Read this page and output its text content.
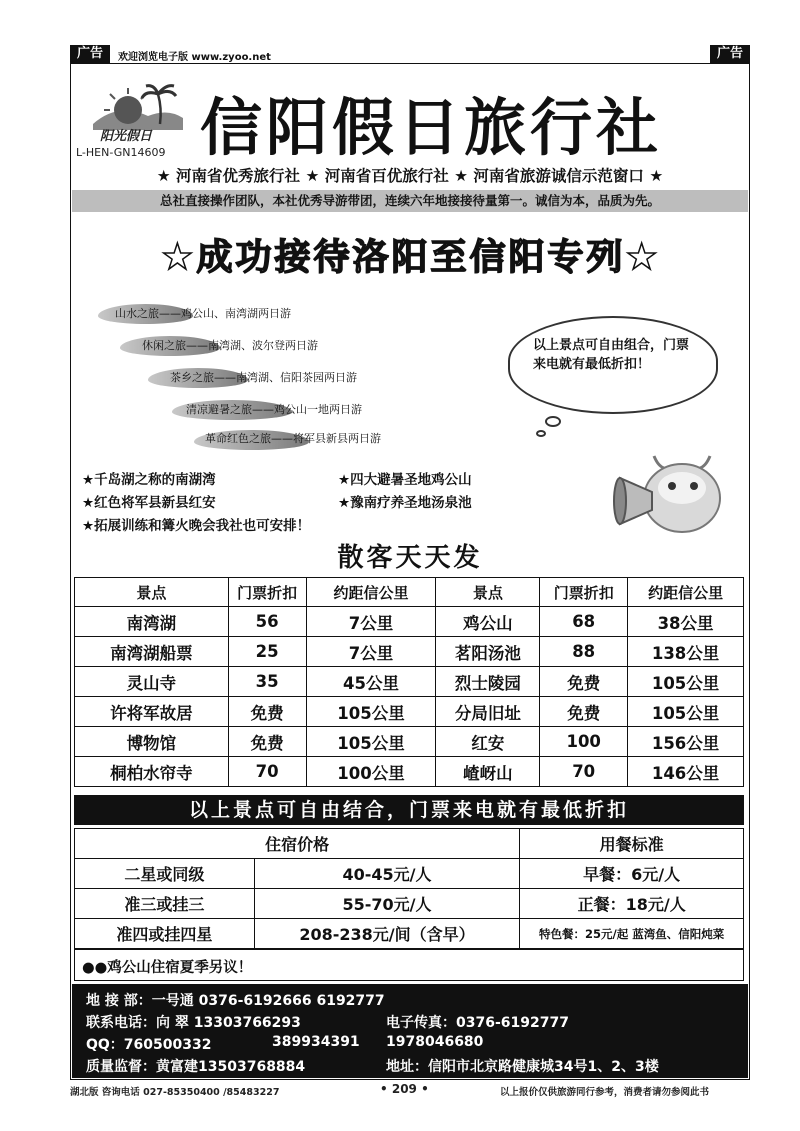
广告	欢迎浏览电子版 www.zyoo.net	广告
阳光假日
L-HEN-GN14609 信阳假日旅行社
★ 河南省优秀旅行社 ★ 河南省百优旅行社 ★ 河南省旅游诚信示范窗口 ★
总社直接操作团队，本社优秀导游带团，连续六年地接接待量第一。诚信为本，品质为先。
★成功接待洛阳至信阳专列★
山水之旅——鸡公山、南湾湖两日游
休闲之旅——南湾湖、波尔登两日游
茶乡之旅——南湾湖、信阳茶园两日游
清凉避暑之旅——鸡公山一地两日游
革命红色之旅——将军县新县两日游
以上景点可自由组合，门票来电就有最低折扣！
★千岛湖之称的南湖湾	★四大避暑圣地鸡公山
★红色将军县新县红安	★豫南疗养圣地汤泉池
★拓展训练和篝火晚会我社也可安排！
散客天天发
景点	门票折扣	约距信公里	景点	门票折扣	约距信公里
南湾湖	56	7公里	鸡公山	68	38公里
南湾湖船票	25	7公里	茗阳汤池	88	138公里
灵山寺	35	45公里	烈士陵园	免费	105公里
许将军故居	免费	105公里	分局旧址	免费	105公里
博物馆	免费	105公里	红安	100	156公里
桐柏水帘寺	70	100公里	嵖岈山	70	146公里
以上景点可自由结合，门票来电就有最低折扣
住宿价格		用餐标准
二星或同级	40-45元/人	早餐：6元/人
准三或挂三	55-70元/人	正餐：18元/人
准四或挂四星	208-238元/间（含早）	特色餐：25元/起 蓝湾鱼、信阳炖菜
●●鸡公山住宿夏季另议！
地 接 部：一号通 0376-6192666 6192777
联系电话：向 翠 13303766293	电子传真：0376-6192777
QQ：760500332	389934391 1978046680
质量监督：黄富建13503768884	地址：信阳市北京路健康城34号1、2、3楼
湖北版 咨询电话 027-85350400 /85483227	• 209 •	以上报价仅供旅游同行参考，消费者请勿参阅此书
